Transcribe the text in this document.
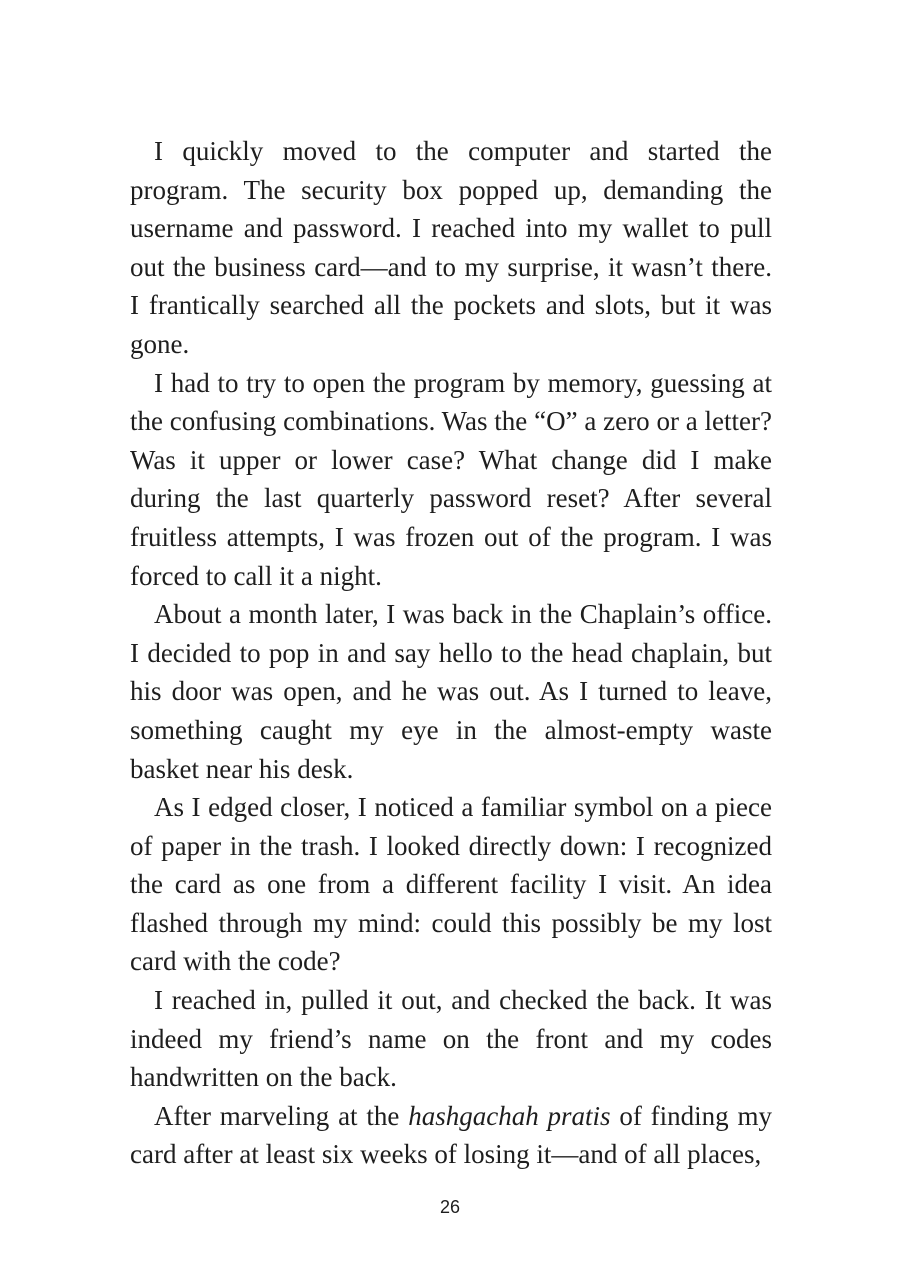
I quickly moved to the computer and started the program. The security box popped up, demanding the username and password. I reached into my wallet to pull out the business card—and to my surprise, it wasn’t there. I frantically searched all the pockets and slots, but it was gone.

I had to try to open the program by memory, guessing at the confusing combinations. Was the “O” a zero or a letter? Was it upper or lower case? What change did I make during the last quarterly password reset? After several fruitless attempts, I was frozen out of the program. I was forced to call it a night.

About a month later, I was back in the Chaplain’s office. I decided to pop in and say hello to the head chaplain, but his door was open, and he was out. As I turned to leave, something caught my eye in the almost-empty waste basket near his desk.

As I edged closer, I noticed a familiar symbol on a piece of paper in the trash. I looked directly down: I recognized the card as one from a different facility I visit. An idea flashed through my mind: could this possibly be my lost card with the code?

I reached in, pulled it out, and checked the back. It was indeed my friend’s name on the front and my codes handwritten on the back.

After marveling at the hashgachah pratis of finding my card after at least six weeks of losing it—and of all places,

26
